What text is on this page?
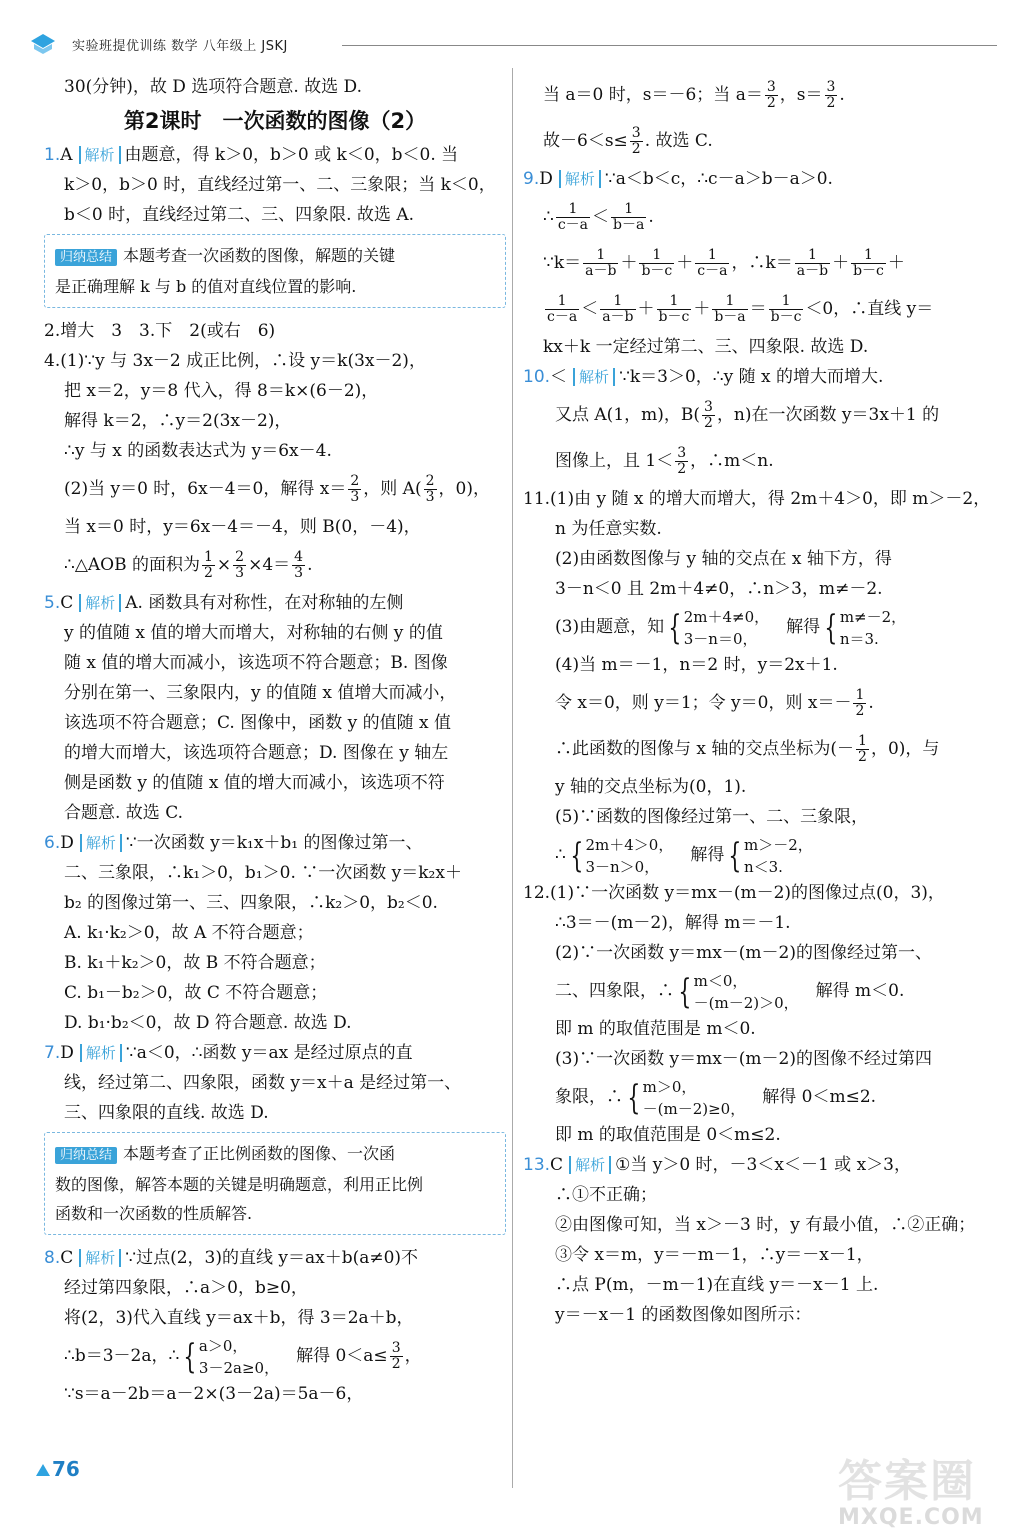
实验班提优训练 数学 八年级上 JSKJ
30(分钟)，故 D 选项符合题意. 故选 D.
第2课时　一次函数的图像（2）
1.A 解析 由题意，得 k＞0，b＞0 或 k＜0，b＜0. 当
k＞0，b＞0 时，直线经过第一、二、三象限；当 k＜0，
b＜0 时，直线经过第二、三、四象限. 故选 A.
归纳总结 本题考查一次函数的图像，解题的关键
是正确理解 k 与 b 的值对直线位置的影响.
2.增大　3　3.下　2(或右　6)
4.(1)∵y 与 3x－2 成正比例，∴设 y＝k(3x－2)，
把 x＝2，y＝8 代入，得 8＝k×(6－2)，
解得 k＝2，∴y＝2(3x－2)，
∴y 与 x 的函数表达式为 y＝6x－4.
(2)当 y＝0 时，6x－4＝0，解得 $x= \frac{2}{3}$ ，则 $A( \frac{2}{3}$ ，0)，
当 x＝0 时，y＝6x－4＝－4，则 B(0，－4)，
∴△AOB 的面积为 $\frac{1}{2} \times \frac{2}{3} \times 4= \frac{4}{3}$ .
5.C 解析 A. 函数具有对称性，在对称轴的左侧
y 的值随 x 值的增大而增大，对称轴的右侧 y 的值
随 x 值的增大而减小，该选项不符合题意；B. 图像
分别在第一、三象限内，y 的值随 x 值增大而减小，
该选项不符合题意；C. 图像中，函数 y 的值随 x 值
的增大而增大，该选项符合题意；D. 图像在 y 轴左
侧是函数 y 的值随 x 值的增大而减小，该选项不符
合题意. 故选 C.
6.D 解析 ∵一次函数 y＝k₁x＋b₁ 的图像过第一、
二、三象限，∴k₁＞0，b₁＞0. ∵一次函数 y＝k₂x＋
b₂ 的图像过第一、三、四象限，∴k₂＞0，b₂＜0.
A. k₁·k₂＞0，故 A 不符合题意；
B. k₁＋k₂＞0，故 B 不符合题意；
C. b₁－b₂＞0，故 C 不符合题意；
D. b₁·b₂＜0，故 D 符合题意. 故选 D.
7.D 解析 ∵a＜0，∴函数 y＝ax 是经过原点的直
线，经过第二、四象限，函数 y＝x＋a 是经过第一、
三、四象限的直线. 故选 D.
归纳总结 本题考查了正比例函数的图像、一次函
数的图像，解答本题的关键是明确题意，利用正比例
函数和一次函数的性质解答.
8.C 解析 ∵过点(2，3)的直线 y＝ax＋b(a≠0)不
经过第四象限，∴a＞0，b≥0，
将(2，3)代入直线 y＝ax＋b，得 3＝2a＋b，
∴b＝3－2a，∴ { a＞0，
3－2a≥0，
　解得 $0<a\le \frac{3}{2}$ ，
∵s＝a－2b＝a－2×(3－2a)＝5a－6，
当 a＝0 时，s＝－6；当 $a= \frac{3}{2}$ ，$s= \frac{3}{2}$ .
故$-6<s\le \frac{3}{2}$ . 故选 C.
9.D 解析 ∵a＜b＜c，∴c－a＞b－a＞0.
∴ $\frac{1}{c-a} < \frac{1}{b-a}$ .
∵k＝ $\frac{1}{a-b} + \frac{1}{b-c} + \frac{1}{c-a}$ ，∴k＝ $\frac{1}{a-b} + \frac{1}{b-c}$ ＋
$\frac{1}{c-a} < \frac{1}{a-b} + \frac{1}{b-c} + \frac{1}{b-a} = \frac{1}{b-c} <0$，∴直线 y＝
kx＋k 一定经过第二、三、四象限. 故选 D.
10.＜ 解析 ∵k＝3＞0，∴y 随 x 的增大而增大.
又点 A(1，m)，$B( \frac{3}{2}$ ，n)在一次函数 y＝3x＋1 的
图像上，且 $1< \frac{3}{2}$ ，∴m＜n.
11.(1)由 y 随 x 的增大而增大，得 2m＋4＞0，即 m＞－2，
n 为任意实数.
(2)由函数图像与 y 轴的交点在 x 轴下方，得
3－n＜0 且 2m＋4≠0，∴n＞3，m≠－2.
(3)由题意，知 { 2m＋4≠0，
3－n＝0，
　解得 { m≠－2，
n＝3.
(4)当 m＝－1，n＝2 时，y＝2x＋1.
令 x＝0，则 y＝1；令 y＝0，则 $x=- \frac{1}{2}$ .
∴此函数的图像与 x 轴的交点坐标为(－ $\frac{1}{2}$ ，0)，与
y 轴的交点坐标为(0，1).
(5)∵函数的图像经过第一、二、三象限，
∴ { 2m＋4＞0，
3－n＞0，
　解得 { m＞－2，
n＜3.
12.(1)∵一次函数 y＝mx－(m－2)的图像过点(0，3)，
∴3＝－(m－2)，解得 m＝－1.
(2)∵一次函数 y＝mx－(m－2)的图像经过第一、
二、四象限，∴ { m＜0，
－(m－2)＞0，
　解得 m＜0.
即 m 的取值范围是 m＜0.
(3)∵一次函数 y＝mx－(m－2)的图像不经过第四
象限，∴ { m＞0，
－(m－2)≥0，
　解得 0＜m≤2.
即 m 的取值范围是 0＜m≤2.
13.C 解析 ①当 y＞0 时，－3＜x＜－1 或 x＞3，
∴①不正确；
②由图像可知，当 x＞－3 时，y 有最小值，∴②正确；
③令 x＝m，y＝－m－1，∴y＝－x－1，
∴点 P(m，－m－1)在直线 y＝－x－1 上.
y＝－x－1 的函数图像如图所示：
76	答案圈
MXQE.COM
